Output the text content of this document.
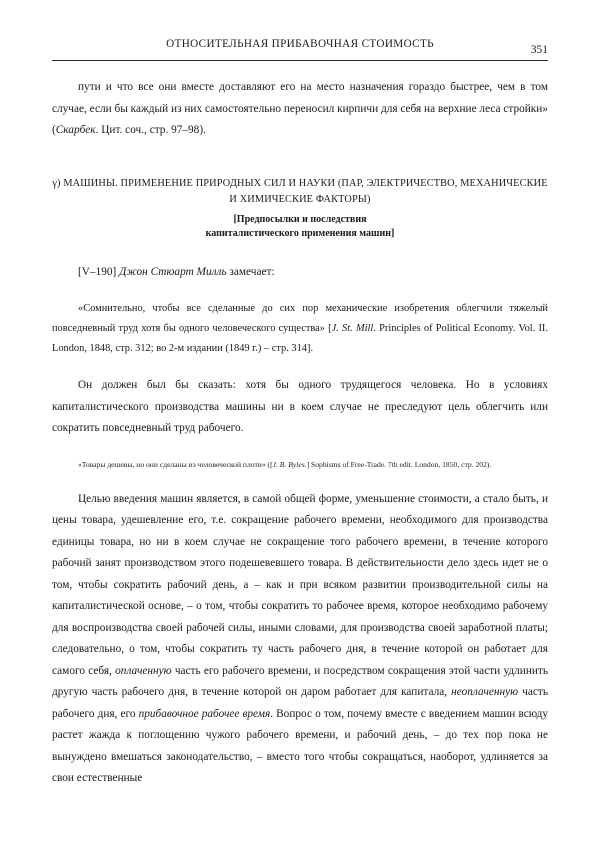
ОТНОСИТЕЛЬНАЯ ПРИБАВОЧНАЯ СТОИМОСТЬ	351

пути и что все они вместе доставляют его на место назначения гораздо быстрее, чем в том случае, если бы каждый из них самостоятельно переносил кирпичи для себя на верхние леса стройки» (Скарбек. Цит. соч., стр. 97–98).

γ) МАШИНЫ. ПРИМЕНЕНИЕ ПРИРОДНЫХ СИЛ И НАУКИ (ПАР, ЭЛЕКТРИЧЕСТВО, МЕХАНИЧЕСКИЕ
И ХИМИЧЕСКИЕ ФАКТОРЫ)
[Предпосылки и последствия
капиталистического применения машин]

[V–190] Джон Стюарт Милль замечает:

«Сомнительно, чтобы все сделанные до сих пор механические изобретения облегчили тяжелый повседневный труд хотя бы одного человеческого существа» [J. St. Mill. Principles of Political Economy. Vol. II. London, 1848, стр. 312; во 2-м издании (1849 г.) – стр. 314].

Он должен был бы сказать: хотя бы одного трудящегося человека. Но в условиях капиталистического производства машины ни в коем случае не преследуют цель облегчить или сократить повседневный труд рабочего.

«Товары дешевы, но они сделаны из человеческой плоти» ([J. B. Byles.] Sophisms of Free-Trade. 7th edit. London, 1850, стр. 202).

Целью введения машин является, в самой общей форме, уменьшение стоимости, а стало быть, и цены товара, удешевление его, т.е. сокращение рабочего времени, необходимого для производства единицы товара, но ни в коем случае не сокращение того рабочего времени, в течение которого рабочий занят производством этого подешевевшего товара. В действительности дело здесь идет не о том, чтобы сократить рабочий день, а – как и при всяком развитии производительной силы на капиталистической основе, – о том, чтобы сократить то рабочее время, которое необходимо рабочему для воспроизводства своей рабочей силы, иными словами, для производства своей заработной платы; следовательно, о том, чтобы сократить ту часть рабочего дня, в течение которой он работает для самого себя, оплаченную часть его рабочего времени, и посредством сокращения этой части удлинить другую часть рабочего дня, в течение которой он даром работает для капитала, неоплаченную часть рабочего дня, его прибавочное рабочее время. Вопрос о том, почему вместе с введением машин всюду растет жажда к поглощению чужого рабочего времени, и рабочий день, – до тех пор пока не вынуждено вмешаться законодательство, – вместо того чтобы сокращаться, наоборот, удлиняется за свои естественные
